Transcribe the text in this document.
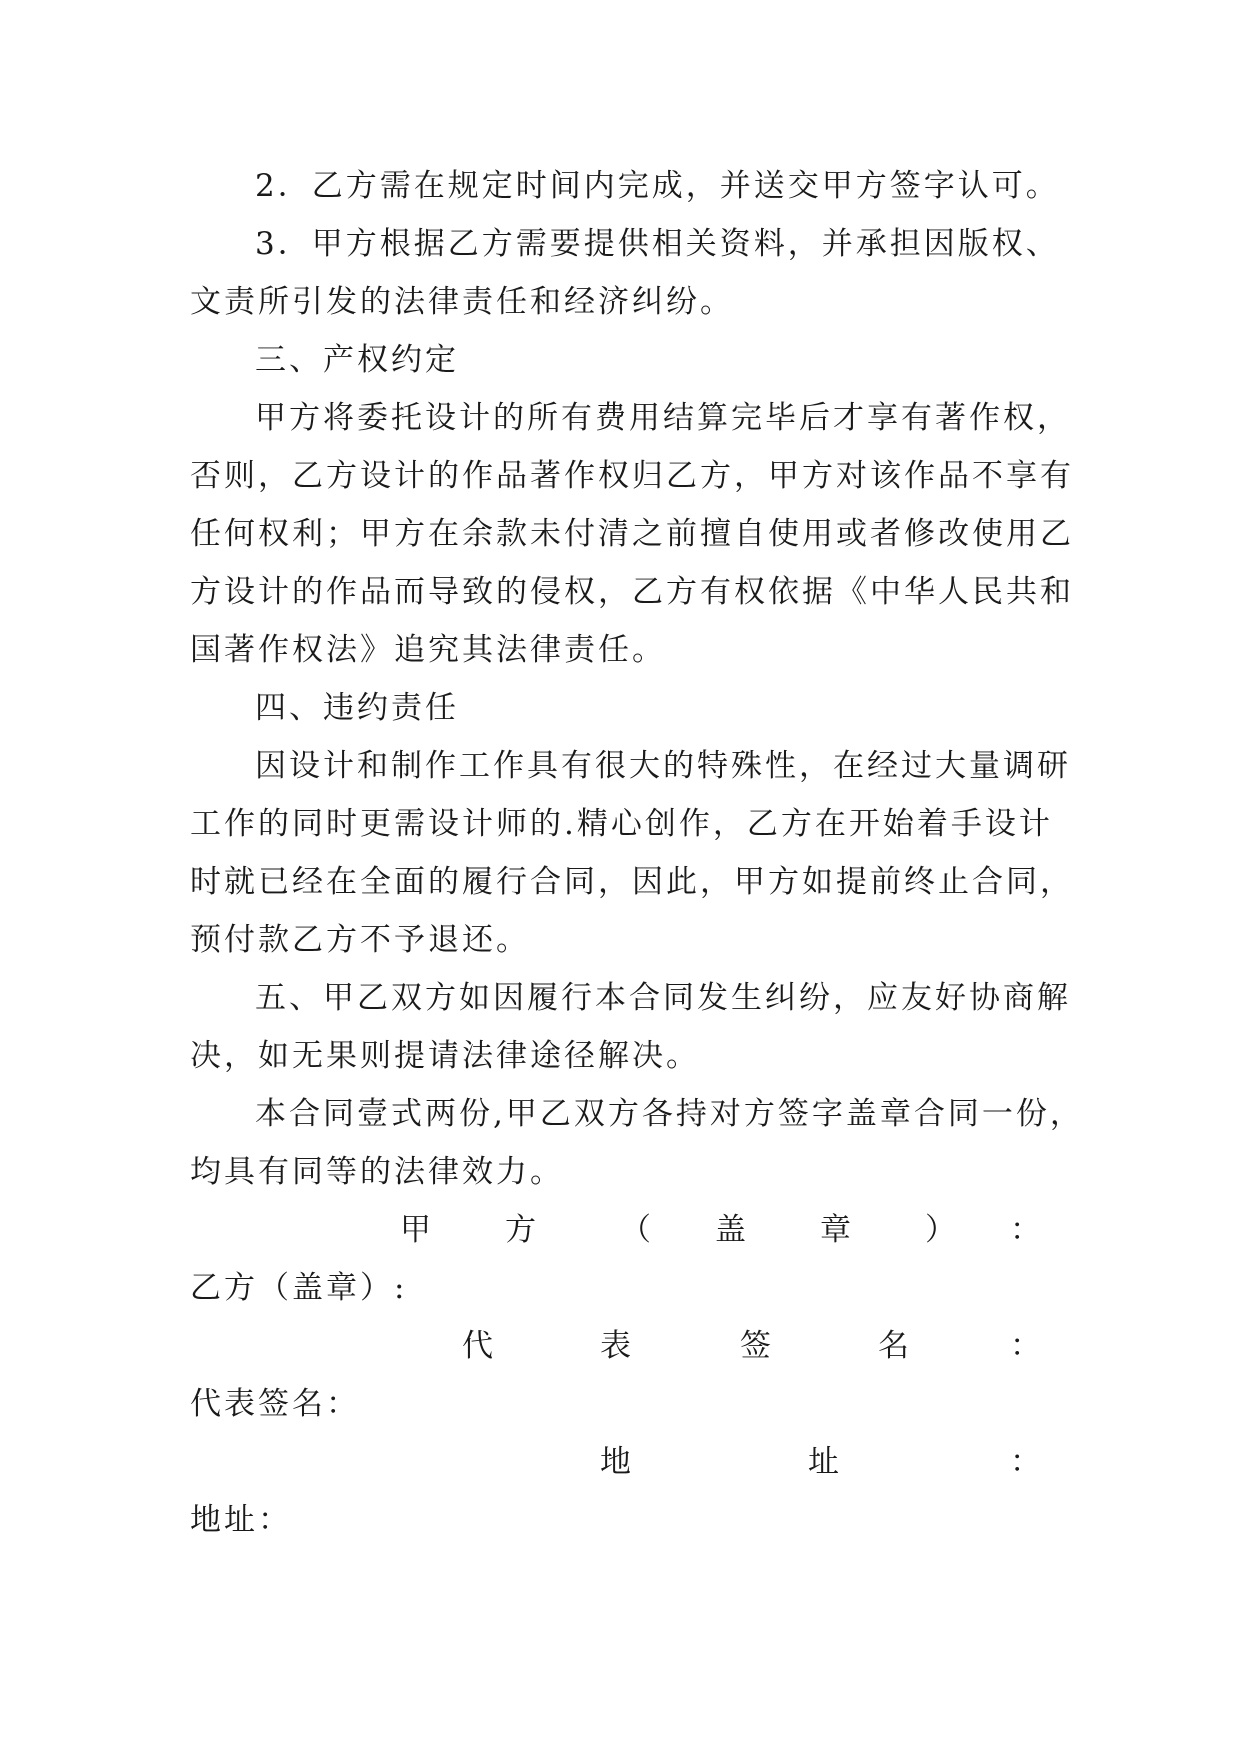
2．乙方需在规定时间内完成，并送交甲方签字认可。
3．甲方根据乙方需要提供相关资料，并承担因版权、
文责所引发的法律责任和经济纠纷。
三、产权约定
甲方将委托设计的所有费用结算完毕后才享有著作权，
否则，乙方设计的作品著作权归乙方，甲方对该作品不享有
任何权利；甲方在余款未付清之前擅自使用或者修改使用乙
方设计的作品而导致的侵权，乙方有权依据《中华人民共和
国著作权法》追究其法律责任。
四、违约责任
因设计和制作工作具有很大的特殊性，在经过大量调研
工作的同时更需设计师的.精心创作，乙方在开始着手设计
时就已经在全面的履行合同，因此，甲方如提前终止合同，
预付款乙方不予退还。
五、甲乙双方如因履行本合同发生纠纷，应友好协商解
决，如无果则提请法律途径解决。
本合同壹式两份,甲乙双方各持对方签字盖章合同一份，
均具有同等的法律效力。
甲 方	（ 盖 章 ） ：
乙方（盖章）:
代	表	签	名	：
代表签名：
地	址	：
地址：
